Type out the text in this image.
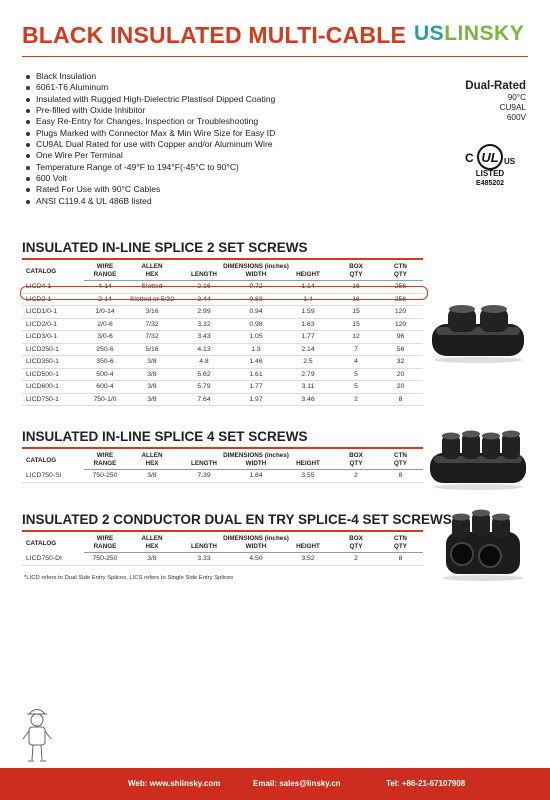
BLACK INSULATED MULTI-CABLE USLINSKY
Black Insulation
6061-T6 Aluminum
Insulated with Rugged High-Dielectric Plastisol Dipped Coating
Pre-filled with Oxide Inhibitor
Easy Re-Entry for Changes, Inspection or Troubleshooting
Plugs Marked with Connector Max & Min Wire Size for Easy ID
CU9AL Dual Rated for use with Copper and/or Aluminum Wire
One Wire Per Terminal
Temperature Range of -49°F to 194°F(-45°C to 90°C)
600 Volt
Rated For Use with 90°C Cables
ANSI C119.4 & UL 486B listed
Dual-Rated
90°C
CU9AL
600V
C UL US
LISTED
E485202
INSULATED IN-LINE SPLICE 2 SET SCREWS
CATALOG	WIRE	ALLEN	DIMENSIONS (inches)			BOX	CTN
	RANGE	HEX	LENGTH	WIDTH	HEIGHT	QTY	QTY
LICD4-1	4-14	Slotted	2.16	0.72	1.14	16	256
LICD2-1	2-14	Slotted or 5/32	2.44	0.83	1.4	16	256
LICD1/0-1	1/0-14	3/16	2.99	0.94	1.59	15	120
LICD2/0-1	2/0-6	7/32	3.32	0.98	1.63	15	120
LICD3/0-1	3/0-6	7/32	3.43	1.05	1.77	12	96
LICD250-1	250-6	5/16	4.13	1.3	2.14	7	56
LICD350-1	350-6	3/8	4.8	1.46	2.5	4	32
LICD500-1	500-4	3/8	5.62	1.61	2.79	5	20
LICD600-1	600-4	3/8	5.79	1.77	3.11	5	20
LICD750-1	750-1/0	3/8	7.64	1.97	3.46	2	8
INSULATED IN-LINE SPLICE 4 SET SCREWS
CATALOG	WIRE	ALLEN	DIMENSIONS (inches)			BOX	CTN
	RANGE	HEX	LENGTH	WIDTH	HEIGHT	QTY	QTY
LICD750-SI	750-250	3/8	7.39	1.84	3.55	2	8
INSULATED 2 CONDUCTOR DUAL EN TRY SPLICE-4 SET SCREWS
CATALOG	WIRE	ALLEN	DIMENSIONS (inches)			BOX	CTN
	RANGE	HEX	LENGTH	WIDTH	HEIGHT	QTY	QTY
LICD750-DI	750-250	3/8	3.33	4.50	3.52	2	8
*LICD refers to Dual Side Entry Splices, LICS refers to Single Side Entry Splices
Web: www.shlinsky.com	Email: sales@linsky.cn	Tel: +86-21-67107908
